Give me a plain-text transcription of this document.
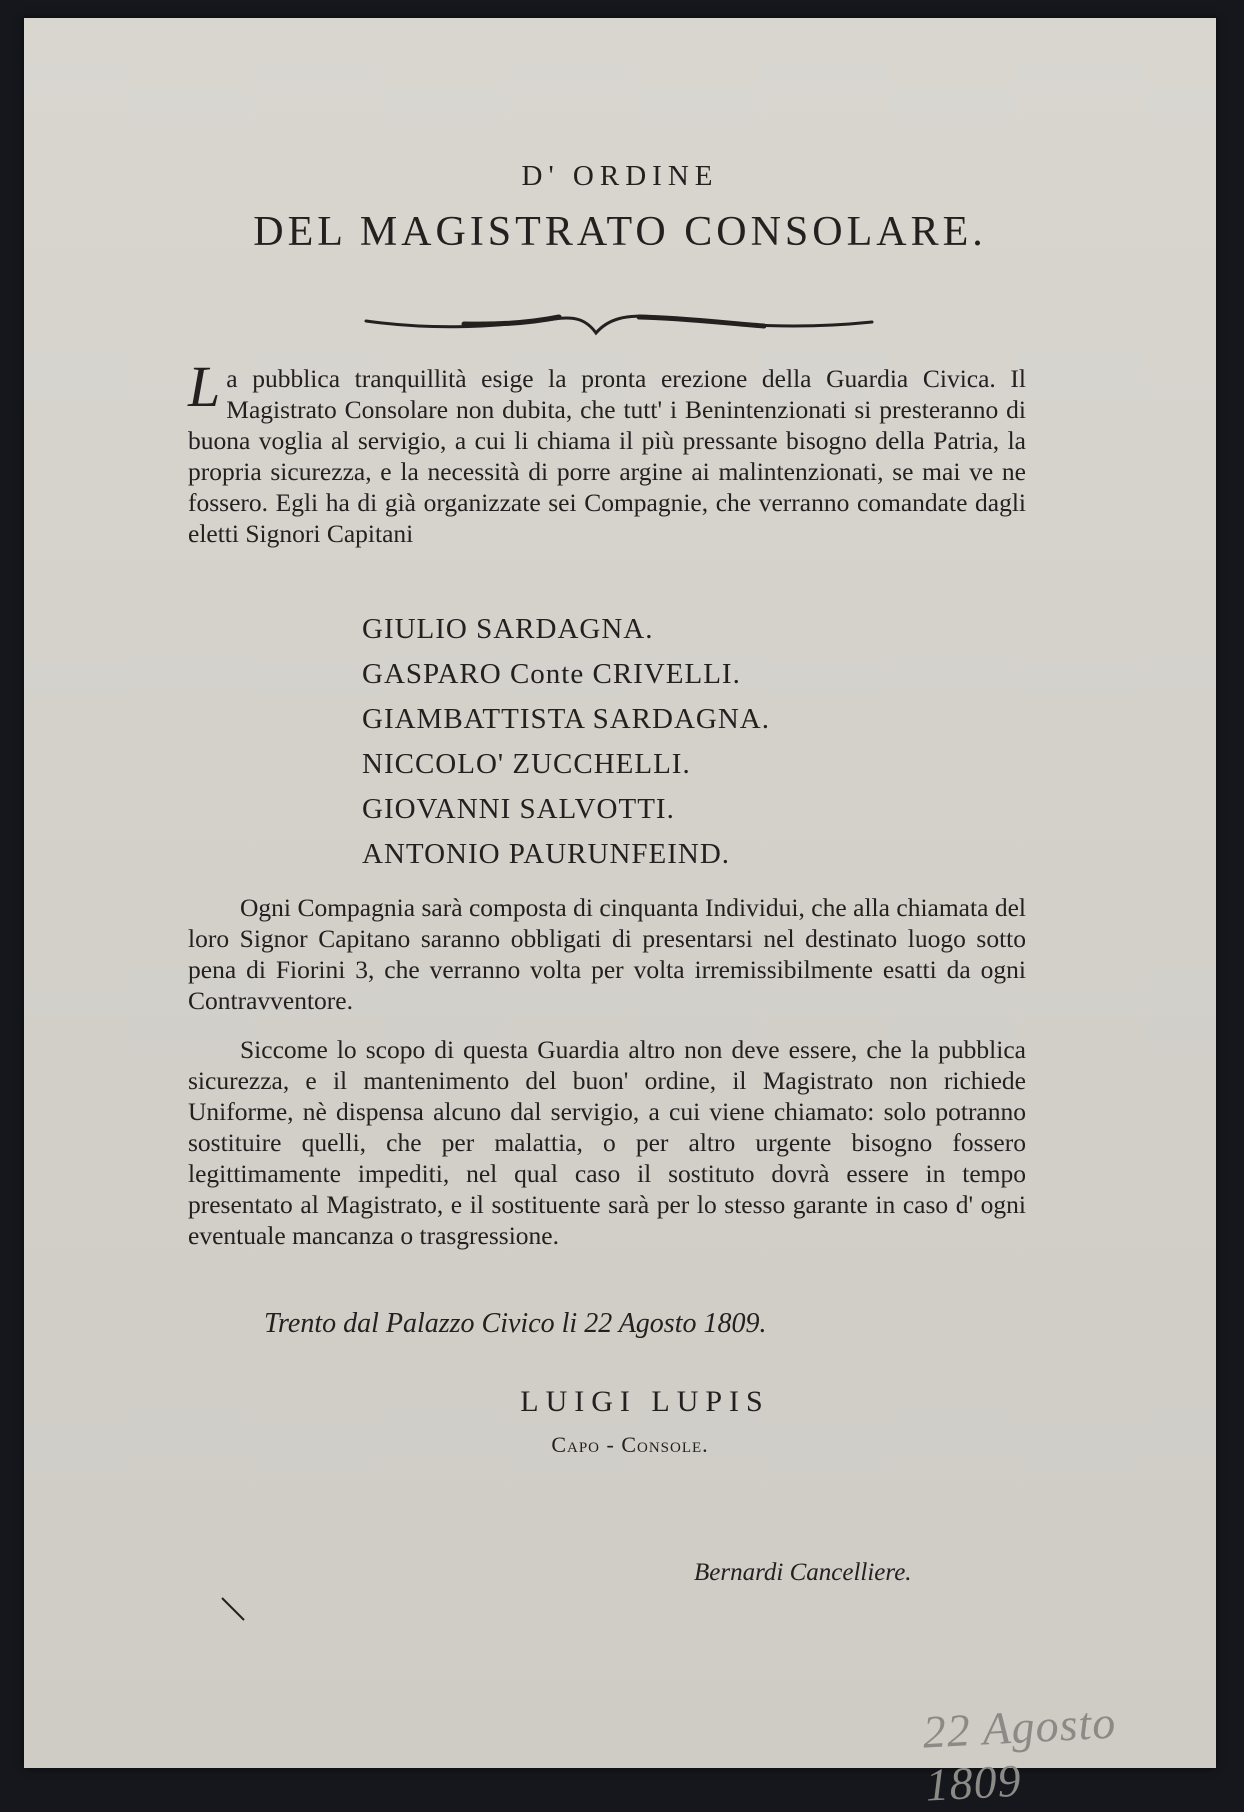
D' ORDINE
DEL MAGISTRATO CONSOLARE.
La pubblica tranquillità esige la pronta erezione della Guardia Civica. Il Magistrato Consolare non dubita, che tutt' i Benintenzionati si presteranno di buona voglia al servigio, a cui li chiama il più pressante bisogno della Patria, la propria sicurezza, e la necessità di porre argine ai malintenzionati, se mai ve ne fossero. Egli ha di già organizzate sei Compagnie, che verranno comandate dagli eletti Signori Capitani
GIULIO SARDAGNA.
GASPARO Conte CRIVELLI.
GIAMBATTISTA SARDAGNA.
NICCOLO' ZUCCHELLI.
GIOVANNI SALVOTTI.
ANTONIO PAURUNFEIND.
Ogni Compagnia sarà composta di cinquanta Individui, che alla chiamata del loro Signor Capitano saranno obbligati di presentarsi nel destinato luogo sotto pena di Fiorini 3, che verranno volta per volta irremissibilmente esatti da ogni Contravventore.
Siccome lo scopo di questa Guardia altro non deve essere, che la pubblica sicurezza, e il mantenimento del buon' ordine, il Magistrato non richiede Uniforme, nè dispensa alcuno dal servigio, a cui viene chiamato: solo potranno sostituire quelli, che per malattia, o per altro urgente bisogno fossero legittimamente impediti, nel qual caso il sostituto dovrà essere in tempo presentato al Magistrato, e il sostituente sarà per lo stesso garante in caso d' ogni eventuale mancanza o trasgressione.
Trento dal Palazzo Civico li 22 Agosto 1809.
LUIGI LUPIS
Capo - Console.
Bernardi Cancelliere.
22 Agosto 1809
